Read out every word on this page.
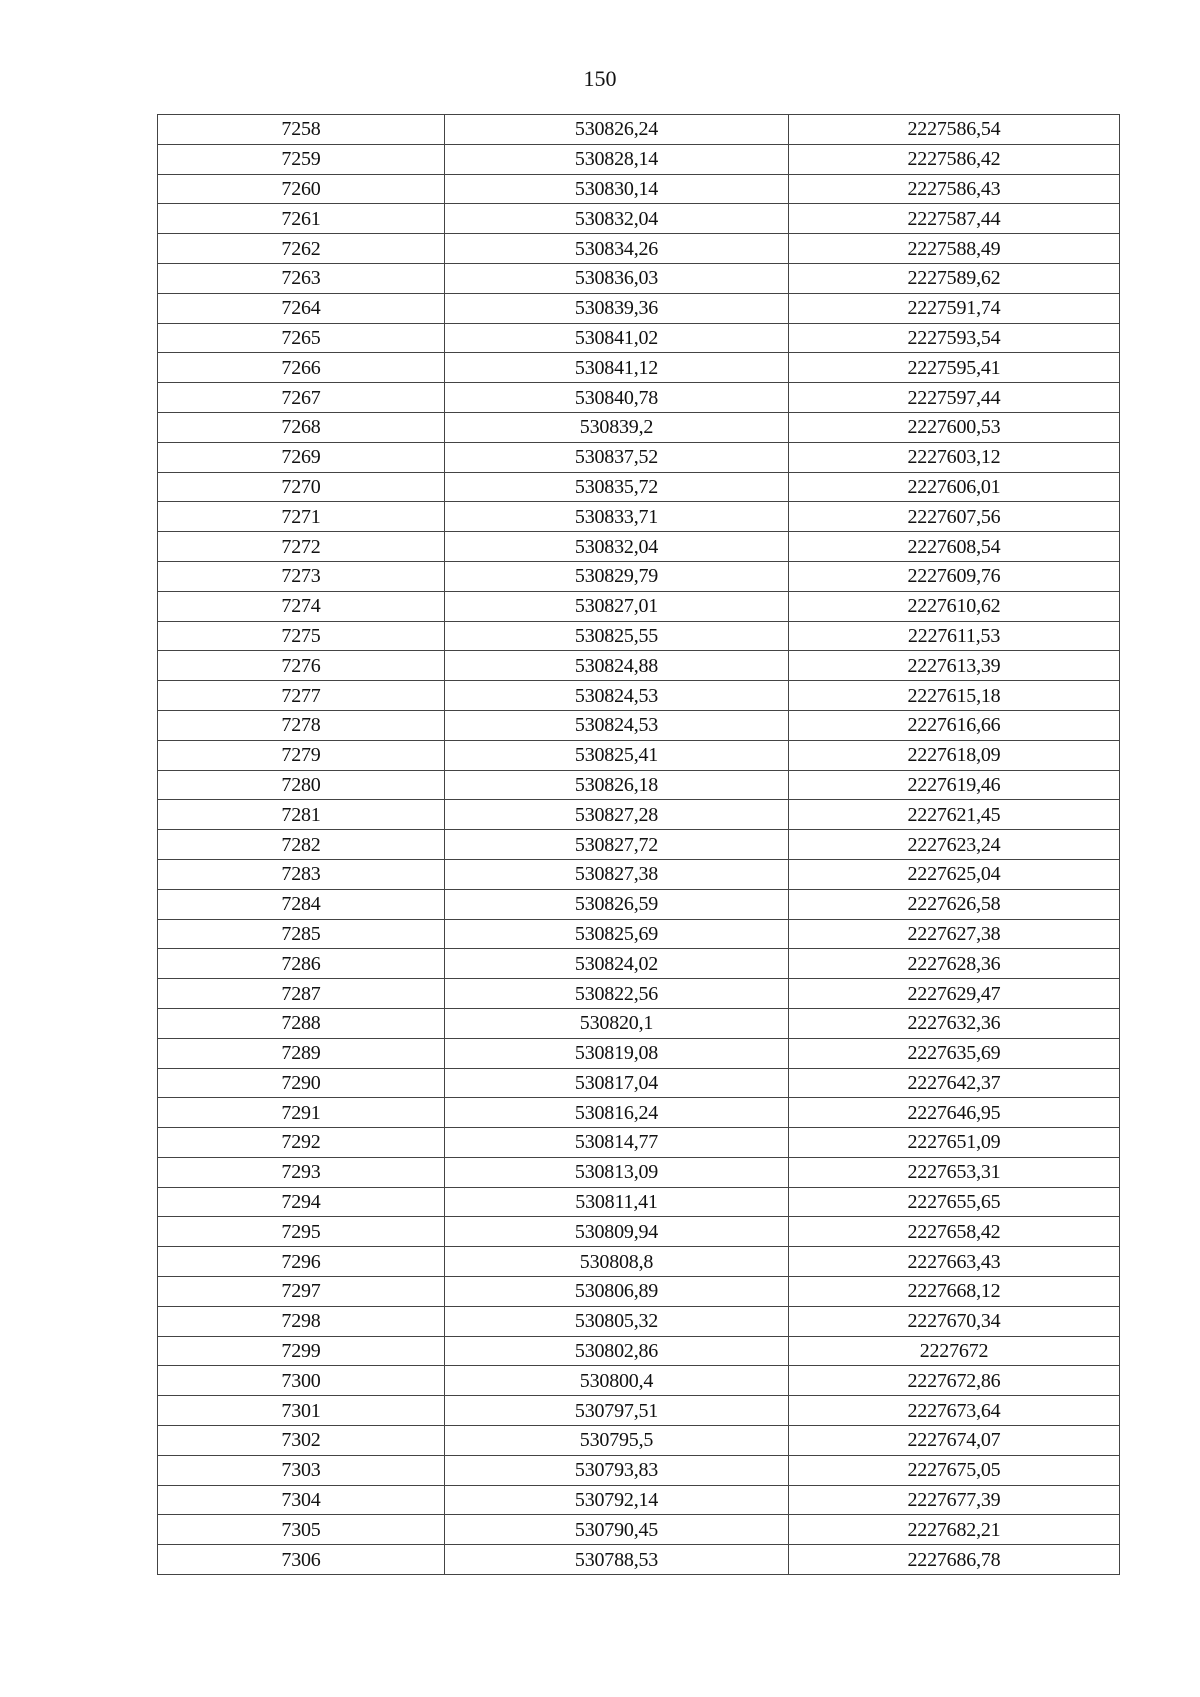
150
7258	530826,24	2227586,54
7259	530828,14	2227586,42
7260	530830,14	2227586,43
7261	530832,04	2227587,44
7262	530834,26	2227588,49
7263	530836,03	2227589,62
7264	530839,36	2227591,74
7265	530841,02	2227593,54
7266	530841,12	2227595,41
7267	530840,78	2227597,44
7268	530839,2	2227600,53
7269	530837,52	2227603,12
7270	530835,72	2227606,01
7271	530833,71	2227607,56
7272	530832,04	2227608,54
7273	530829,79	2227609,76
7274	530827,01	2227610,62
7275	530825,55	2227611,53
7276	530824,88	2227613,39
7277	530824,53	2227615,18
7278	530824,53	2227616,66
7279	530825,41	2227618,09
7280	530826,18	2227619,46
7281	530827,28	2227621,45
7282	530827,72	2227623,24
7283	530827,38	2227625,04
7284	530826,59	2227626,58
7285	530825,69	2227627,38
7286	530824,02	2227628,36
7287	530822,56	2227629,47
7288	530820,1	2227632,36
7289	530819,08	2227635,69
7290	530817,04	2227642,37
7291	530816,24	2227646,95
7292	530814,77	2227651,09
7293	530813,09	2227653,31
7294	530811,41	2227655,65
7295	530809,94	2227658,42
7296	530808,8	2227663,43
7297	530806,89	2227668,12
7298	530805,32	2227670,34
7299	530802,86	2227672
7300	530800,4	2227672,86
7301	530797,51	2227673,64
7302	530795,5	2227674,07
7303	530793,83	2227675,05
7304	530792,14	2227677,39
7305	530790,45	2227682,21
7306	530788,53	2227686,78
